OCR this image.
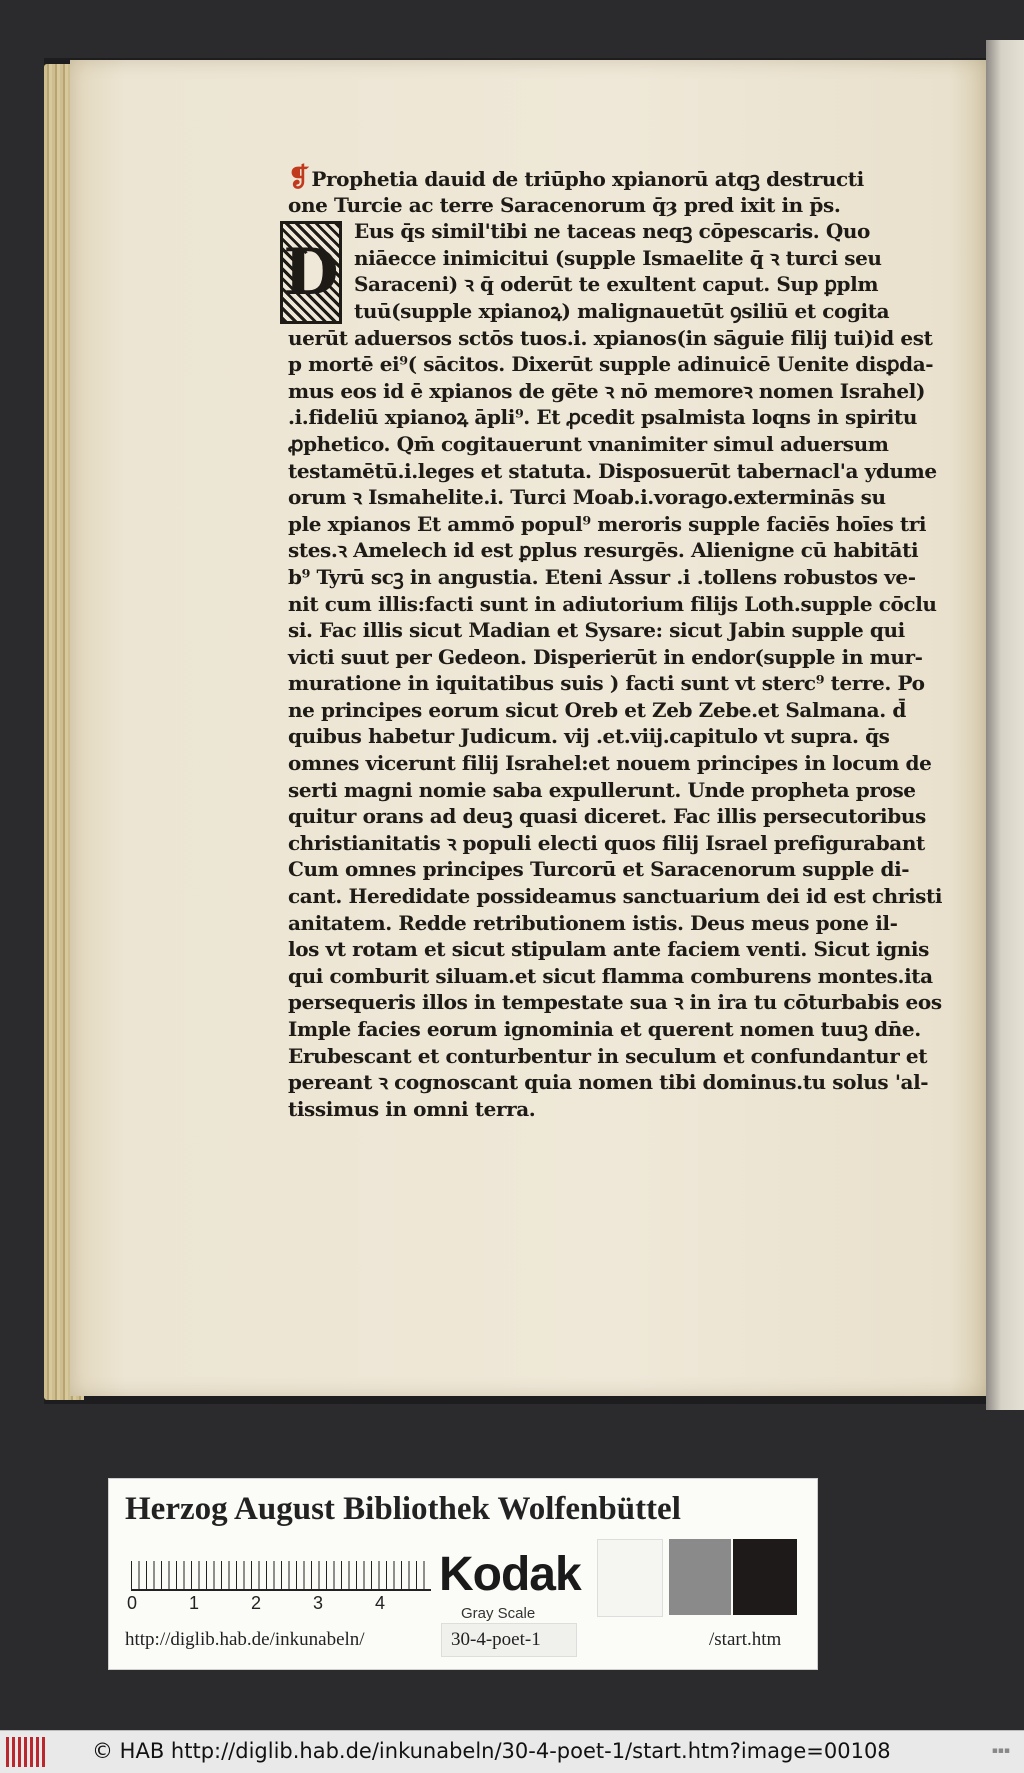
D
❡ Prophetia dauid de triūpho xpianorū atqꝫ destructi
one Turcie ac terre Saracenorum q̄ȝ pred ixit in p̄s.
Eus q̄s simil'tibi ne taceas neqꝫ cōpescaris. Quo
niāecce inimicitui (supple Ismaelite q̄ ꝛ turci seu
Saraceni) ꝛ q̄ oderūt te exultent caput. Sup ꝑplm
tuū(supple xpianoꝝ) malignauetūt ꝯsiliū et cogita
uerūt aduersos sctōs tuos.i. xpianos(in sāguie filij tui)id est
p mortē ei⁹( sācitos. Dixerūt supple adinuicē Uenite disꝑda-
mus eos id ē xpianos de gēte ꝛ nō memoreꝛ nomen Israhel)
.i.fideliū xpianoꝝ āpli⁹. Et ꝓcedit psalmista loqns in spiritu
ꝓphetico. Qm̄ cogitauerunt vnanimiter simul aduersum
testamētū.i.leges et statuta. Disposuerūt tabernacl'a ydume
orum ꝛ Ismahelite.i. Turci Moab.i.vorago.exterminās su
ple xpianos Et ammō popul⁹ meroris supple faciēs hoīes tri
stes.ꝛ Amelech id est ꝑplus resurgēs. Alienigne cū habitāti
b⁹ Tyrū scꝫ in angustia. Eteni Assur .i .tollens robustos ve-
nit cum illis:facti sunt in adiutorium filijs Loth.supple cōclu
si. Fac illis sicut Madian et Sysare: sicut Jabin supple qui
victi suut per Gedeon. Disperierūt in endor(supple in mur-
muratione in iquitatibus suis ) facti sunt vt sterc⁹ terre. Po
ne principes eorum sicut Oreb et Zeb Zebe.et Salmana. d̄
quibus habetur Judicum. vij .et.viij.capitulo vt supra. q̄s
omnes vicerunt filij Israhel:et nouem principes in locum de
serti magni nomie saba expullerunt. Unde propheta prose
quitur orans ad deuꝫ quasi diceret. Fac illis persecutoribus
christianitatis ꝛ populi electi quos filij Israel prefigurabant
Cum omnes principes Turcorū et Saracenorum supple di-
cant. Heredidate possideamus sanctuarium dei id est christi
anitatem. Redde retributionem istis. Deus meus pone il-
los vt rotam et sicut stipulam ante faciem venti. Sicut ignis
qui comburit siluam.et sicut flamma comburens montes.ita
persequeris illos in tempestate sua ꝛ in ira tu cōturbabis eos
Imple facies eorum ignominia et querent nomen tuuꝫ dn̄e.
Erubescant et conturbentur in seculum et confundantur et
pereant ꝛ cognoscant quia nomen tibi dominus.tu solus 'al-
tissimus in omni terra.
Herzog August Bibliothek Wolfenbüttel
0	1	2	3	4
Kodak
Gray Scale
http://diglib.hab.de/inkunabeln/	30-4-poet-1	/start.htm
© HAB http://diglib.hab.de/inkunabeln/30-4-poet-1/start.htm?image=00108	▪▪▪
